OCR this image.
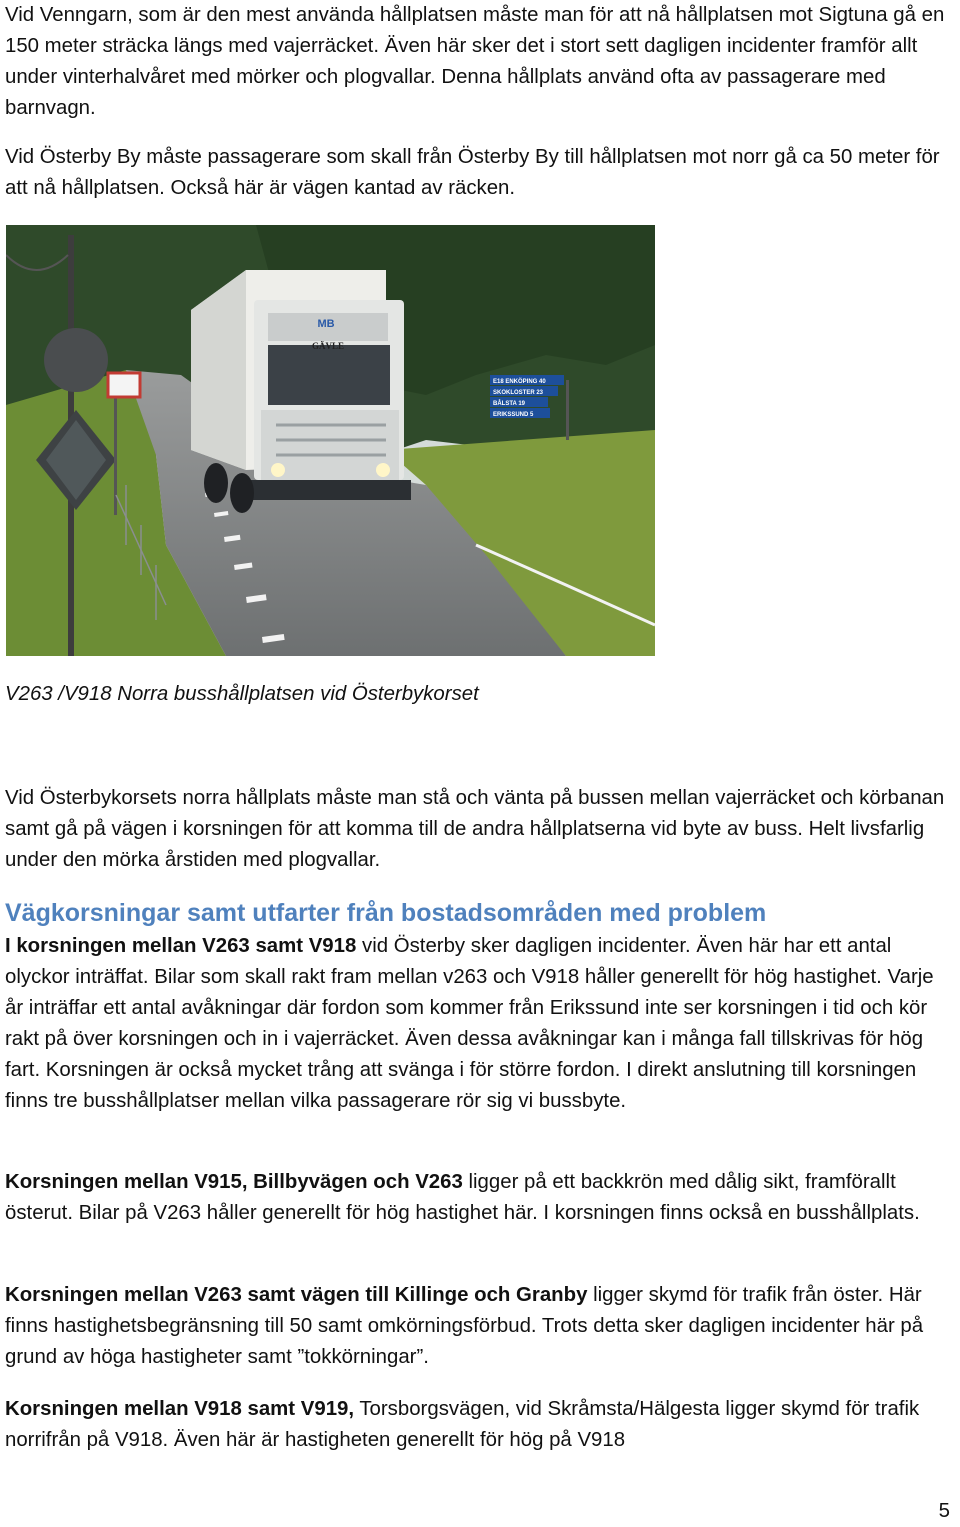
Vid Venngarn, som är den mest använda hållplatsen måste man för att nå hållplatsen mot Sigtuna gå en 150 meter sträcka längs med vajerräcket. Även här sker det i stort sett dagligen incidenter framför allt under vinterhalvåret med mörker och plogvallar. Denna hållplats använd ofta av passagerare med barnvagn.

Vid Österby By måste passagerare som skall från Österby By till hållplatsen mot norr gå ca 50 meter för att nå hållplatsen. Också här är vägen kantad av räcken.

MB
GÄVLE
E18 ENKÖPING 40
SKOKLOSTER 23
BÅLSTA 19
ERIKSSUND 5

V263 /V918 Norra busshållplatsen vid Österbykorset

Vid Österbykorsets norra hållplats måste man stå och vänta på bussen mellan vajerräcket och körbanan samt gå på vägen i korsningen för att komma till de andra hållplatserna vid byte av buss. Helt livsfarlig under den mörka årstiden med plogvallar.

Vägkorsningar samt utfarter från bostadsområden med problem

I korsningen mellan V263 samt V918 vid Österby sker dagligen incidenter. Även här har ett antal olyckor inträffat. Bilar som skall rakt fram mellan v263 och V918 håller generellt för hög hastighet. Varje år inträffar ett antal avåkningar där fordon som kommer från Erikssund inte ser korsningen i tid och kör rakt på över korsningen och in i vajerräcket. Även dessa avåkningar kan i många fall tillskrivas för hög fart. Korsningen är också mycket trång att svänga i för större fordon. I direkt anslutning till korsningen finns tre busshållplatser mellan vilka passagerare rör sig vi bussbyte.

Korsningen mellan V915, Billbyvägen och V263 ligger på ett backkrön med dålig sikt, framförallt österut. Bilar på V263 håller generellt för hög hastighet här. I korsningen finns också en busshållplats.

Korsningen mellan V263 samt vägen till Killinge och Granby ligger skymd för trafik från öster. Här finns hastighetsbegränsning till 50 samt omkörningsförbud. Trots detta sker dagligen incidenter här på grund av höga hastigheter samt ”tokkörningar”.

Korsningen mellan V918 samt V919, Torsborgsvägen, vid Skråmsta/Hälgesta ligger skymd för trafik norrifrån på V918. Även här är hastigheten generellt för hög på V918

5
